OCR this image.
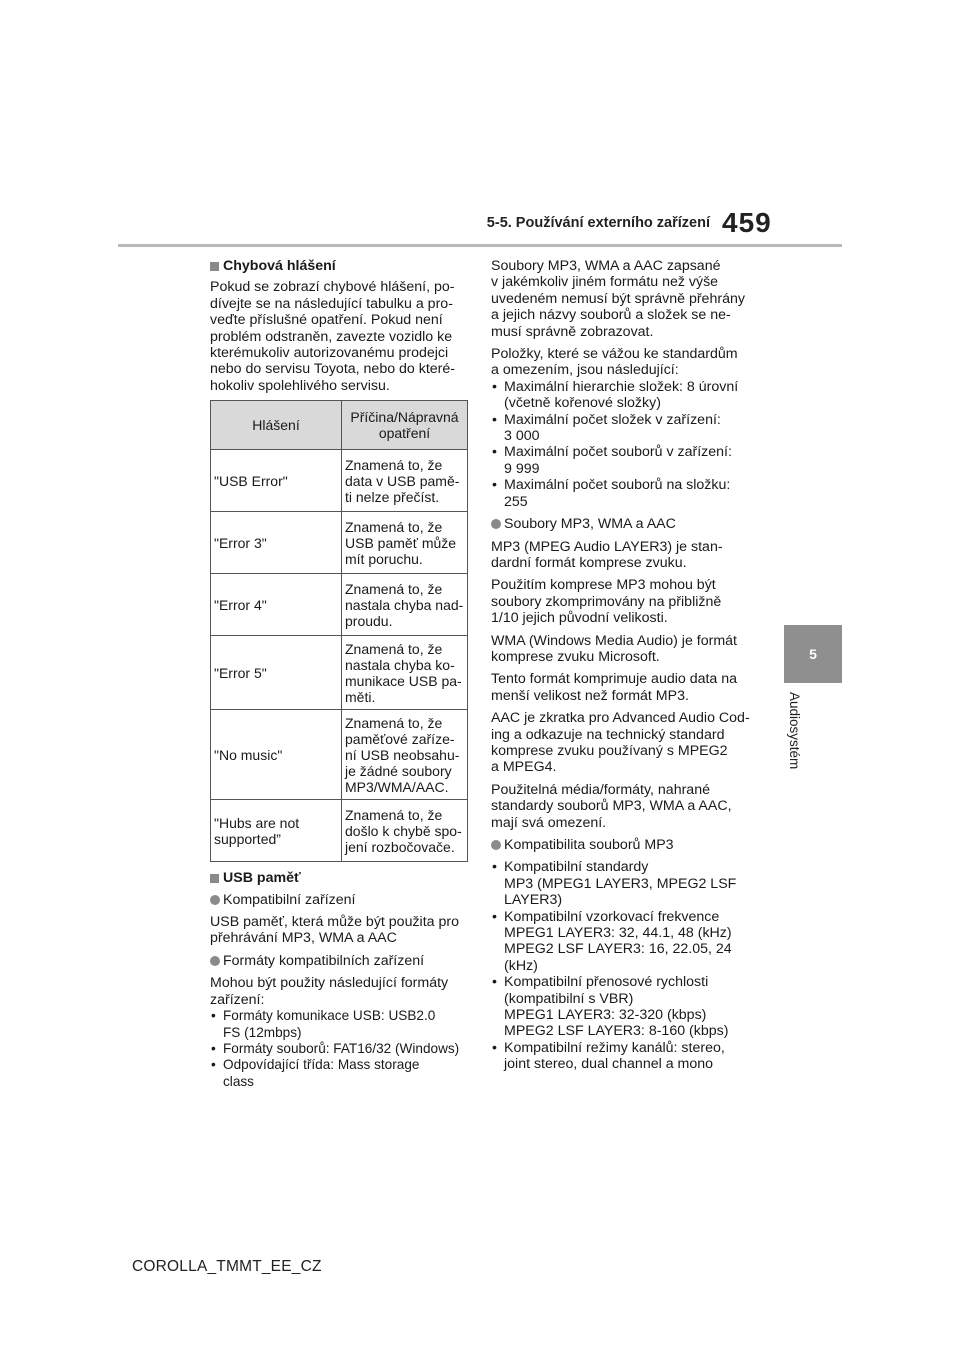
5-5. Používání externího zařízení 459
5
Audiosystém
Chybová hlášení

Pokud se zobrazí chybové hlášení, po-
dívejte se na následující tabulku a pro-
veďte příslušné opatření. Pokud není
problém odstraněn, zavezte vozidlo ke
kterémukoliv autorizovanému prodejci
nebo do servisu Toyota, nebo do které-
hokoliv spolehlivého servisu.

Hlášení	Příčina/Nápravná opatření
"USB Error"	Znamená to, že
data v USB pamě-
ti nelze přečíst.

"Error 3"	Znamená to, že
USB paměť může
mít poruchu.

"Error 4"	Znamená to, že
nastala chyba nad-
proudu.

"Error 5"	Znamená to, že
nastala chyba ko-
munikace USB pa-
měti.

"No music"	Znamená to, že
paměťové zaříze-
ní USB neobsahu-
je žádné soubory
MP3/WMA/AAC.

"Hubs are not supported”	Znamená to, že
došlo k chybě spo-
jení rozbočovače.
USB paměť
Kompatibilní zařízení

USB paměť, která může být použita pro
přehrávání MP3, WMA a AAC

Formáty kompatibilních zařízení

Mohou být použity následující formáty
zařízení:

• Formáty komunikace USB: USB2.0
FS (12mbps)
• Formáty souborů: FAT16/32 (Windows)
• Odpovídající třída: Mass storage
class

Soubory MP3, WMA a AAC zapsané
v jakémkoliv jiném formátu než výše
uvedeném nemusí být správně přehrány
a jejich názvy souborů a složek se ne-
musí správně zobrazovat.

Položky, které se vážou ke standardům
a omezením, jsou následující:

• Maximální hierarchie složek: 8 úrovní
(včetně kořenové složky)
• Maximální počet složek v zařízení:
3 000
• Maximální počet souborů v zařízení:
9 999
• Maximální počet souborů na složku:
255
Soubory MP3, WMA a AAC

MP3 (MPEG Audio LAYER3) je stan-
dardní formát komprese zvuku.

Použitím komprese MP3 mohou být
soubory zkomprimovány na přibližně
1/10 jejich původní velikosti.

WMA (Windows Media Audio) je formát
komprese zvuku Microsoft.

Tento formát komprimuje audio data na
menší velikost než formát MP3.

AAC je zkratka pro Advanced Audio Cod-
ing a odkazuje na technický standard
komprese zvuku používaný s MPEG2
a MPEG4.

Použitelná média/formáty, nahrané
standardy souborů MP3, WMA a AAC,
mají svá omezení.

Kompatibilita souborů MP3
• Kompatibilní standardy
MP3 (MPEG1 LAYER3, MPEG2 LSF
LAYER3)
• Kompatibilní vzorkovací frekvence
MPEG1 LAYER3: 32, 44.1, 48 (kHz)
MPEG2 LSF LAYER3: 16, 22.05, 24
(kHz)
• Kompatibilní přenosové rychlosti
(kompatibilní s VBR)
MPEG1 LAYER3: 32-320 (kbps)
MPEG2 LSF LAYER3: 8-160 (kbps)
• Kompatibilní režimy kanálů: stereo,
joint stereo, dual channel a mono
COROLLA_TMMT_EE_CZ
